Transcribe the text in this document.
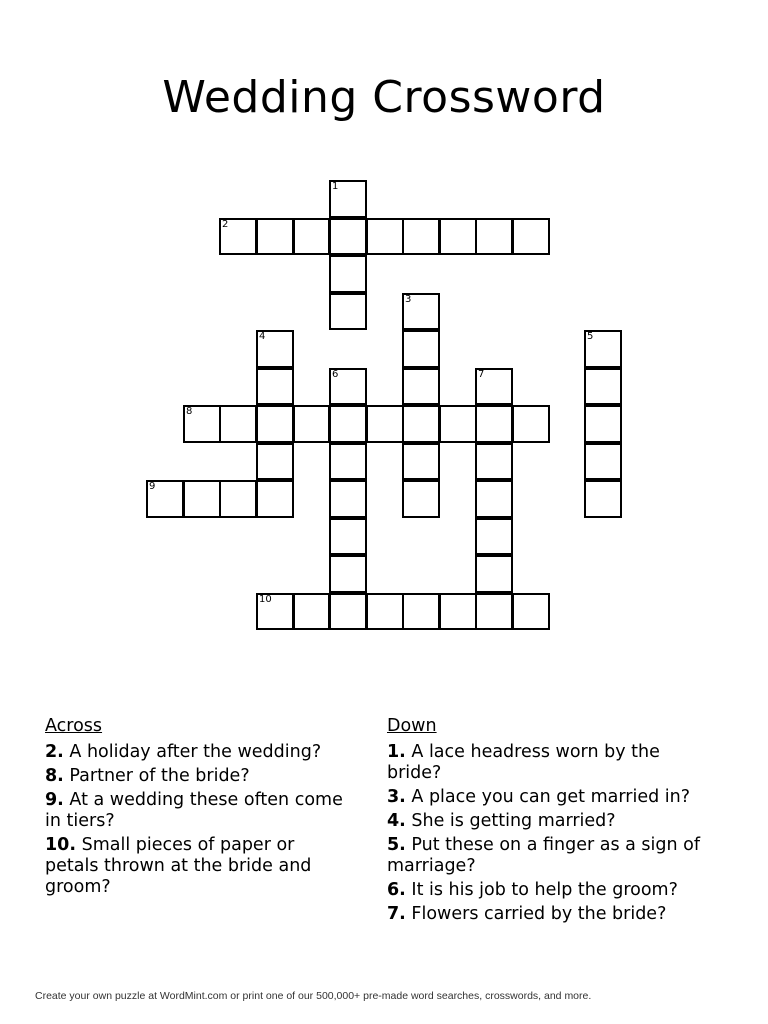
Wedding Crossword
1
2
3
4	5
6	7
8
9
10
Across
2. A holiday after the wedding?
8. Partner of the bride?
9. At a wedding these often come in tiers?
10. Small pieces of paper or petals thrown at the bride and groom?
Down
1. A lace headress worn by the bride?
3. A place you can get married in?
4. She is getting married?
5. Put these on a finger as a sign of marriage?
6. It is his job to help the groom?
7. Flowers carried by the bride?
Create your own puzzle at WordMint.com or print one of our 500,000+ pre-made word searches, crosswords, and more.
